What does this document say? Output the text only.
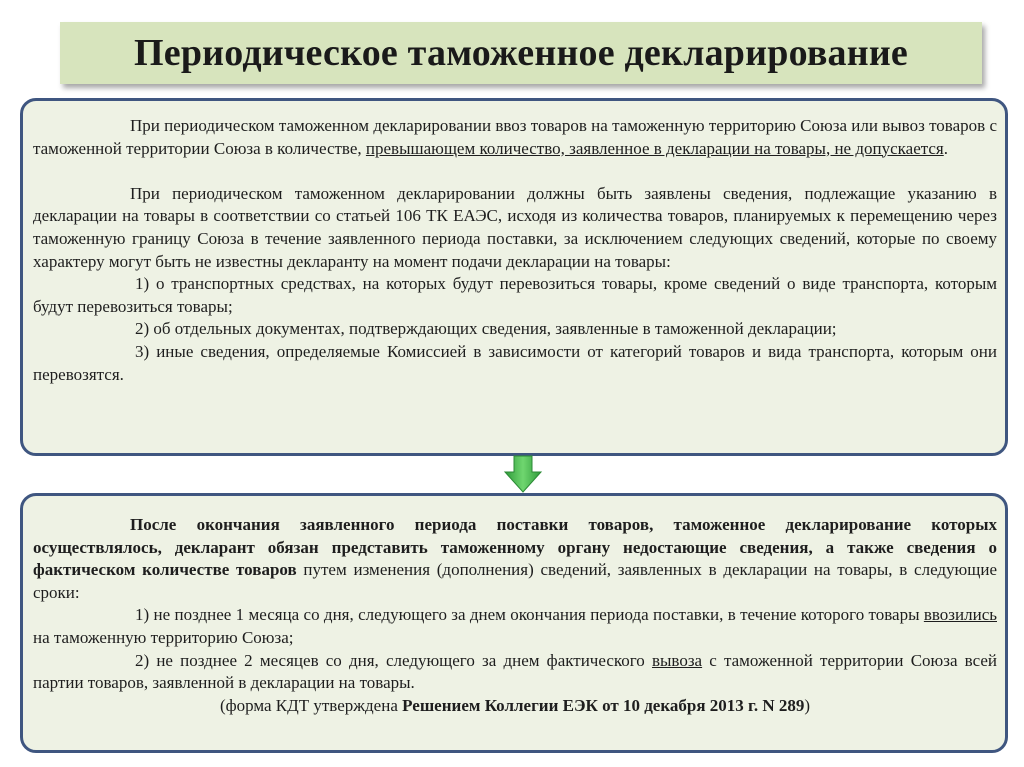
Периодическое таможенное декларирование

При периодическом таможенном декларировании ввоз товаров на таможенную территорию Союза или вывоз товаров с таможенной территории Союза в количестве, превышающем количество, заявленное в декларации на товары, не допускается.

При периодическом таможенном декларировании должны быть заявлены сведения, подлежащие указанию в декларации на товары в соответствии со статьей 106 ТК ЕАЭС, исходя из количества товаров, планируемых к перемещению через таможенную границу Союза в течение заявленного периода поставки, за исключением следующих сведений, которые по своему характеру могут быть не известны декларанту на момент подачи декларации на товары:

1) о транспортных средствах, на которых будут перевозиться товары, кроме сведений о виде транспорта, которым будут перевозиться товары;

2) об отдельных документах, подтверждающих сведения, заявленные в таможенной декларации;

3) иные сведения, определяемые Комиссией в зависимости от категорий товаров и вида транспорта, которым они перевозятся.

После окончания заявленного периода поставки товаров, таможенное декларирование которых осуществлялось, декларант обязан представить таможенному органу недостающие сведения, а также сведения о фактическом количестве товаров путем изменения (дополнения) сведений, заявленных в декларации на товары, в следующие сроки:

1) не позднее 1 месяца со дня, следующего за днем окончания периода поставки, в течение которого товары ввозились на таможенную территорию Союза;

2) не позднее 2 месяцев со дня, следующего за днем фактического вывоза с таможенной территории Союза всей партии товаров, заявленной в декларации на товары.

(форма КДТ утверждена Решением Коллегии ЕЭК от 10 декабря 2013 г. N 289)
